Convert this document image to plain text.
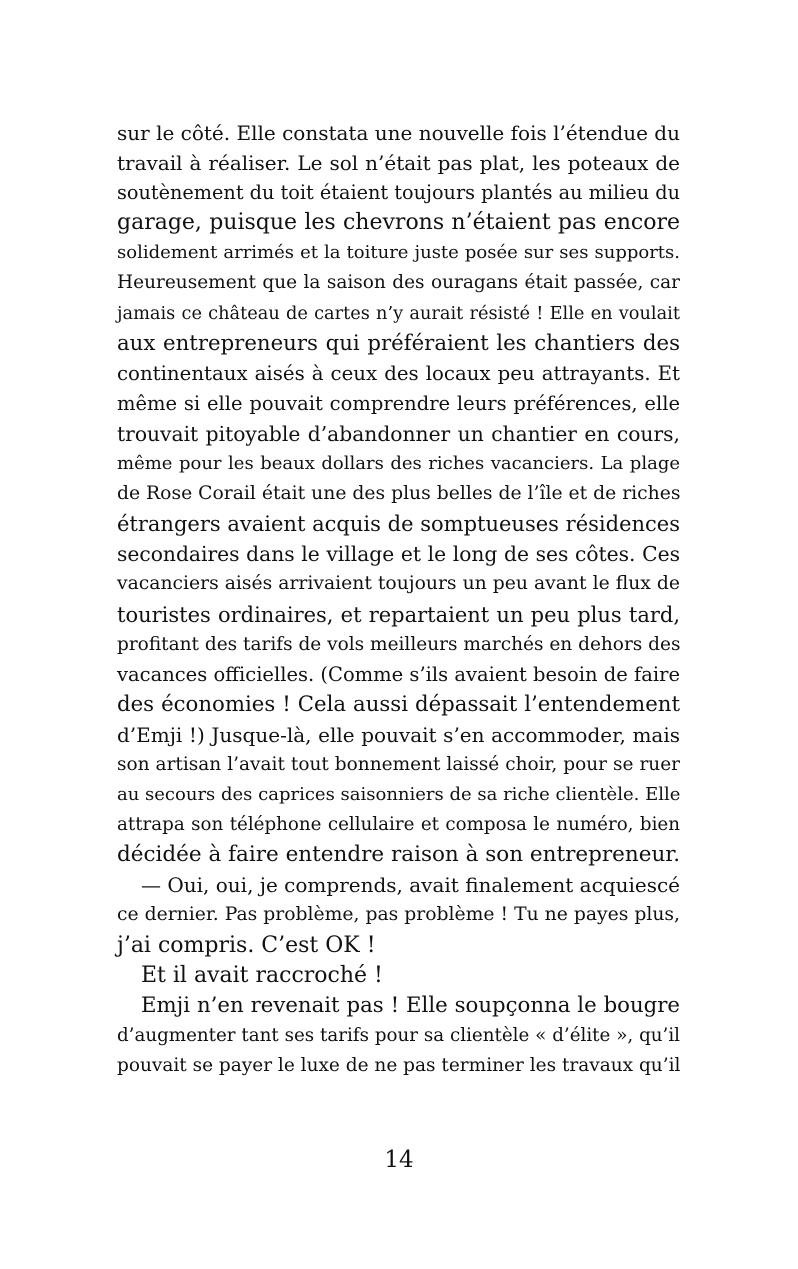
sur le côté. Elle constata une nouvelle fois l’étendue du
travail à réaliser. Le sol n’était pas plat, les poteaux de
soutènement du toit étaient toujours plantés au milieu du
garage, puisque les chevrons n’étaient pas encore
solidement arrimés et la toiture juste posée sur ses supports.
Heureusement que la saison des ouragans était passée, car
jamais ce château de cartes n’y aurait résisté ! Elle en voulait
aux entrepreneurs qui préféraient les chantiers des
continentaux aisés à ceux des locaux peu attrayants. Et
même si elle pouvait comprendre leurs préférences, elle
trouvait pitoyable d’abandonner un chantier en cours,
même pour les beaux dollars des riches vacanciers. La plage
de Rose Corail était une des plus belles de l’île et de riches
étrangers avaient acquis de somptueuses résidences
secondaires dans le village et le long de ses côtes. Ces
vacanciers aisés arrivaient toujours un peu avant le flux de
touristes ordinaires, et repartaient un peu plus tard,
profitant des tarifs de vols meilleurs marchés en dehors des
vacances officielles. (Comme s’ils avaient besoin de faire
des économies ! Cela aussi dépassait l’entendement
d’Emji !) Jusque-là, elle pouvait s’en accommoder, mais
son artisan l’avait tout bonnement laissé choir, pour se ruer
au secours des caprices saisonniers de sa riche clientèle. Elle
attrapa son téléphone cellulaire et composa le numéro, bien
décidée à faire entendre raison à son entrepreneur.
— Oui, oui, je comprends, avait finalement acquiescé
ce dernier. Pas problème, pas problème ! Tu ne payes plus,
j’ai compris. C’est OK !
Et il avait raccroché !
Emji n’en revenait pas ! Elle soupçonna le bougre
d’augmenter tant ses tarifs pour sa clientèle « d’élite », qu’il
pouvait se payer le luxe de ne pas terminer les travaux qu’il
14
